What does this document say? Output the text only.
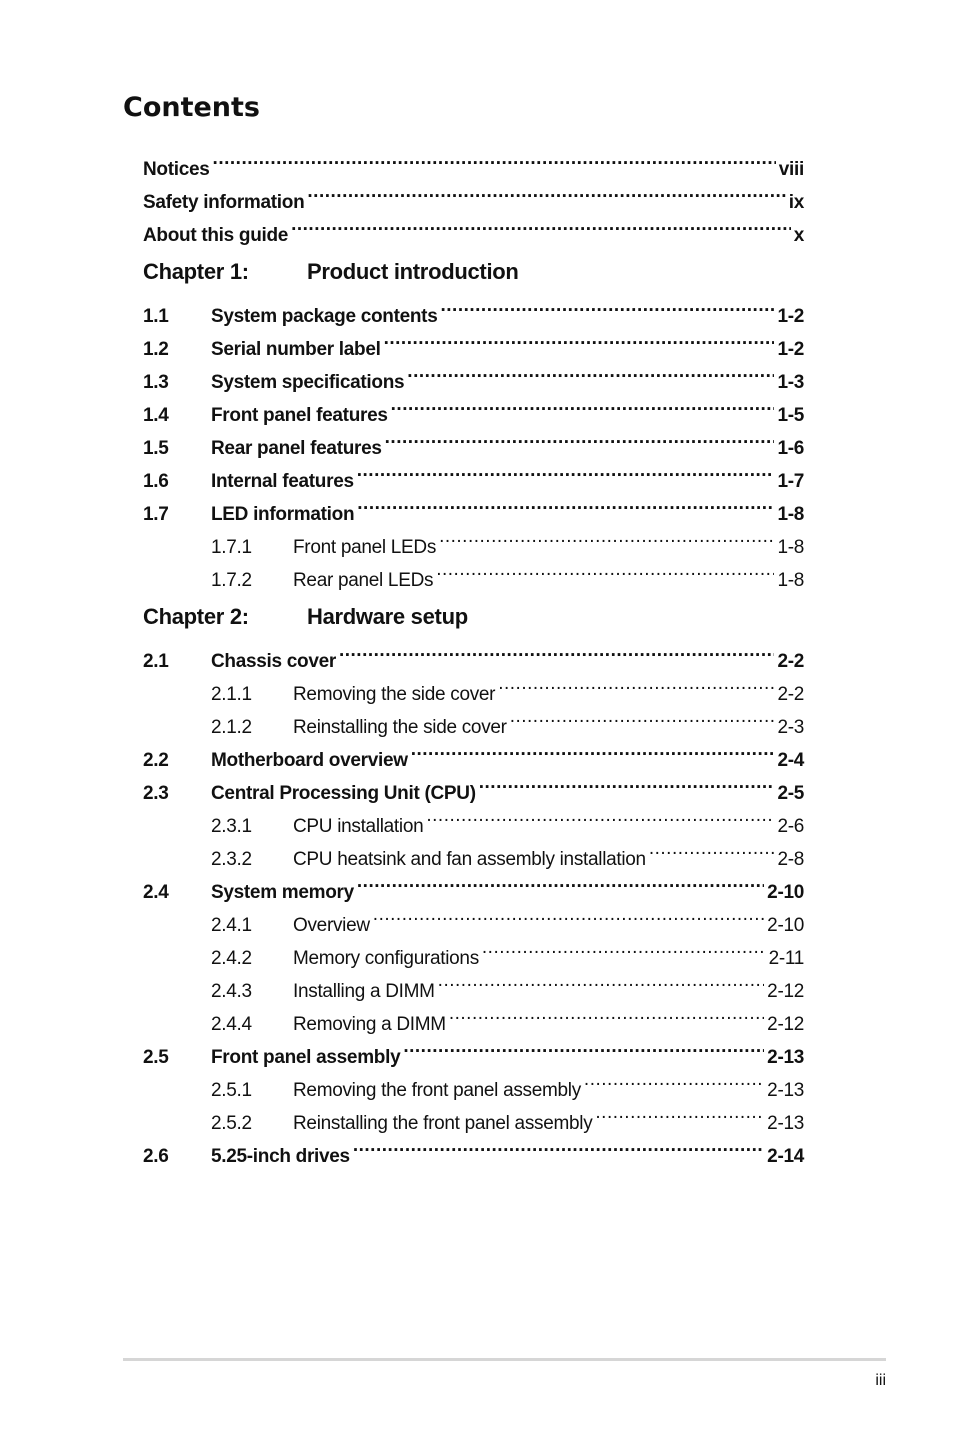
Contents
Notices .....	viii
Safety information .....	ix
About this guide .....	x
Chapter 1:	Product introduction
1.1	System package contents .....	1-2
1.2	Serial number label .....	1-2
1.3	System specifications .....	1-3
1.4	Front panel features .....	1-5
1.5	Rear panel features .....	1-6
1.6	Internal features .....	1-7
1.7	LED information .....	1-8
1.7.1	Front panel LEDs .....	1-8
1.7.2	Rear panel LEDs .....	1-8
Chapter 2:	Hardware setup
2.1	Chassis cover .....	2-2
2.1.1	Removing the side cover .....	2-2
2.1.2	Reinstalling the side cover .....	2-3
2.2	Motherboard overview .....	2-4
2.3	Central Processing Unit (CPU) .....	2-5
2.3.1	CPU installation .....	2-6
2.3.2	CPU heatsink and fan assembly installation .....	2-8
2.4	System memory .....	2-10
2.4.1	Overview .....	2-10
2.4.2	Memory configurations .....	2-11
2.4.3	Installing a DIMM .....	2-12
2.4.4	Removing a DIMM .....	2-12
2.5	Front panel assembly .....	2-13
2.5.1	Removing the front panel assembly .....	2-13
2.5.2	Reinstalling the front panel assembly .....	2-13
2.6	5.25-inch drives .....	2-14
iii
